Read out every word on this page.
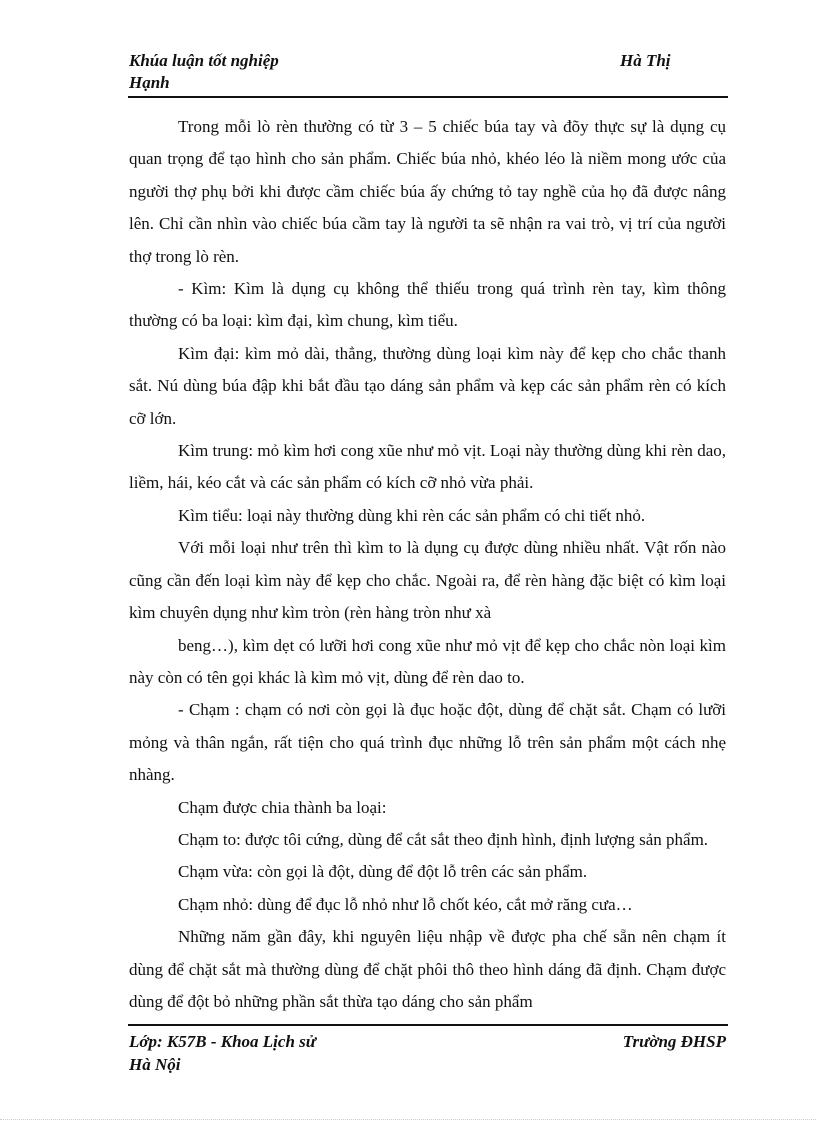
Khúa luận tốt nghiệp	Hà Thị
Hạnh

Trong mỗi lò rèn thường có từ 3 – 5 chiếc búa tay và đõy thực sự là dụng cụ quan trọng để tạo hình cho sản phẩm. Chiếc búa nhỏ, khéo léo là niềm mong ước của người thợ phụ bởi khi được cầm chiếc búa ấy chứng tỏ tay nghề của họ đã được nâng lên. Chỉ cần nhìn vào chiếc búa cầm tay là người ta sẽ nhận ra vai trò, vị trí của người thợ trong lò rèn.

- Kìm: Kìm là dụng cụ không thể thiếu trong quá trình rèn tay, kìm thông thường có ba loại: kìm đại, kìm chung, kìm tiểu.

Kìm đại: kìm mỏ dài, thẳng, thường dùng loại kìm này để kẹp cho chắc thanh sắt. Nú dùng búa đập khi bắt đầu tạo dáng sản phẩm và kẹp các sản phẩm rèn có kích cỡ lớn.

Kìm trung: mỏ kìm hơi cong xũe như mỏ vịt. Loại này thường dùng khi rèn dao, liềm, hái, kéo cắt và các sản phẩm có kích cỡ nhỏ vừa phải.

Kìm tiểu: loại này thường dùng khi rèn các sản phẩm có chi tiết nhỏ.

Với mỗi loại như trên thì kìm to là dụng cụ được dùng nhiều nhất. Vật rốn nào cũng cần đến loại kìm này để kẹp cho chắc. Ngoài ra, để rèn hàng đặc biệt có kìm loại kìm chuyên dụng như kìm tròn (rèn hàng tròn như xà

beng…), kìm dẹt có lưỡi hơi cong xũe như mỏ vịt để kẹp cho chắc nòn loại kìm này còn có tên gọi khác là kìm mỏ vịt, dùng để rèn dao to.

- Chạm : chạm có nơi còn gọi là đục hoặc đột, dùng để chặt sắt. Chạm có lưỡi mỏng và thân ngắn, rất tiện cho quá trình đục những lỗ trên sản phẩm một cách nhẹ nhàng.

Chạm được chia thành ba loại:

Chạm to: được tôi cứng, dùng để cắt sắt theo định hình, định lượng sản phẩm.

Chạm vừa: còn gọi là đột, dùng để đột lỗ trên các sản phẩm.

Chạm nhỏ: dùng để đục lỗ nhỏ như lỗ chốt kéo, cắt mở răng cưa…

Những năm gần đây, khi nguyên liệu nhập về được pha chế sẵn nên chạm ít dùng để chặt sắt mà thường dùng để chặt phôi thô theo hình dáng đã định. Chạm được dùng để đột bỏ những phần sắt thừa tạo dáng cho sản phẩm

Lớp: K57B - Khoa Lịch sử	Trường ĐHSP
Hà Nội
